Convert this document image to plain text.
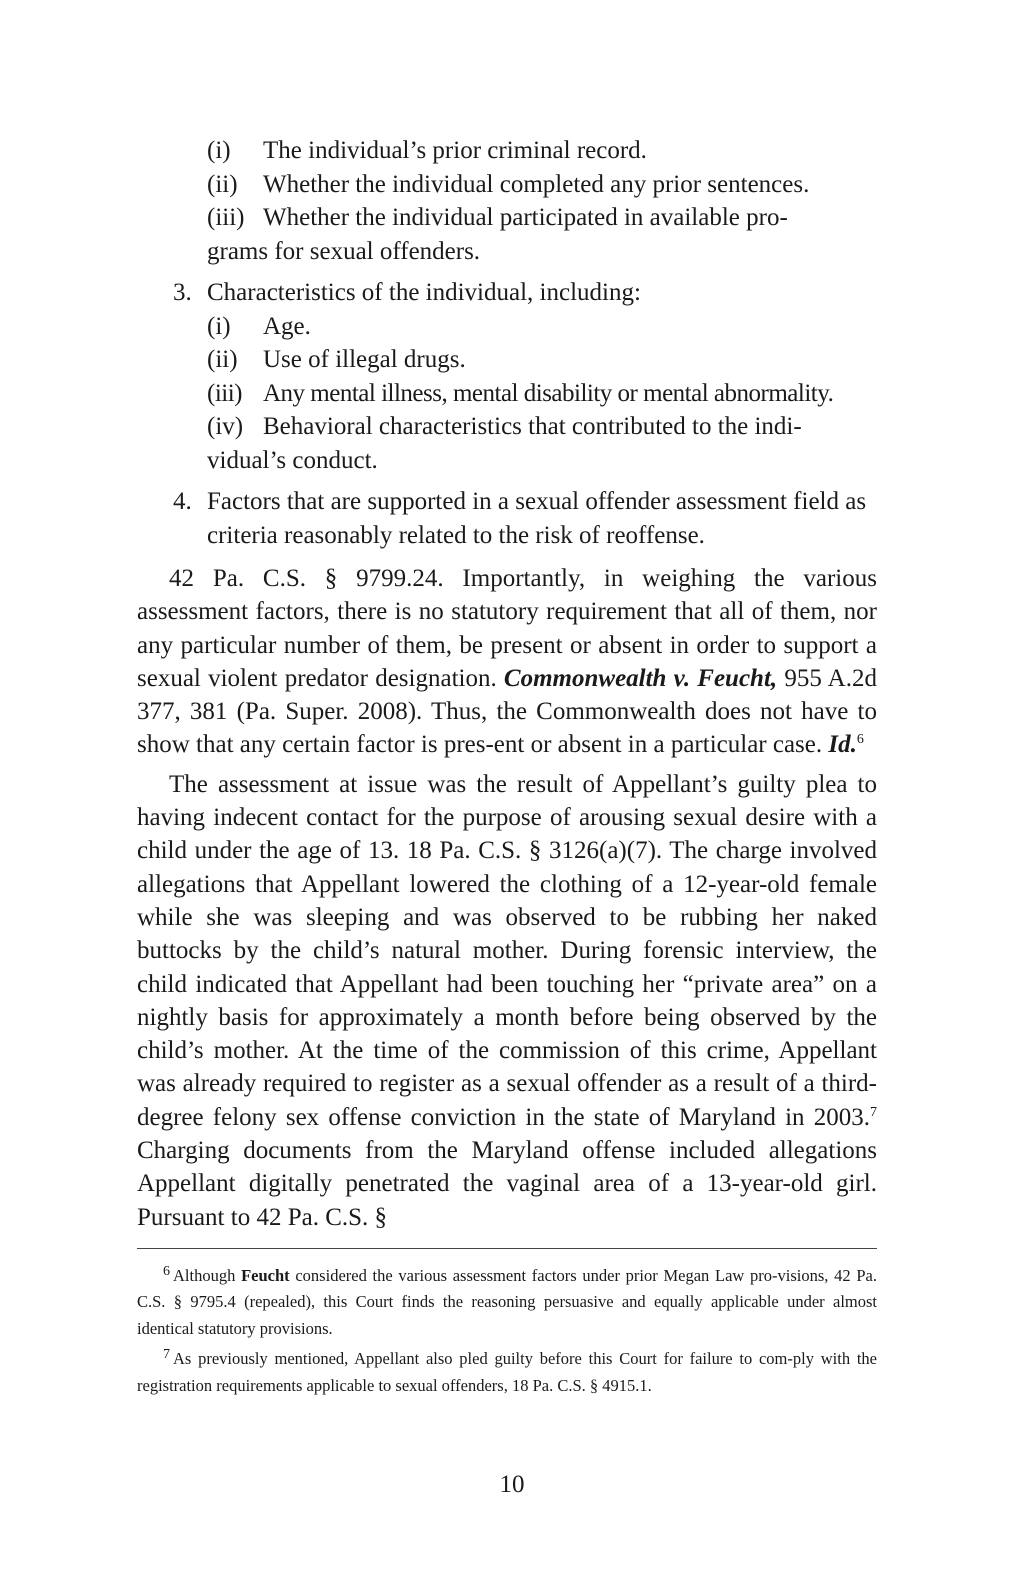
(i) The individual’s prior criminal record.
(ii) Whether the individual completed any prior sentences.
(iii) Whether the individual participated in available pro-
grams for sexual offenders.
3. Characteristics of the individual, including:
(i) Age.
(ii) Use of illegal drugs.
(iii) Any mental illness, mental disability or mental abnormality.
(iv) Behavioral characteristics that contributed to the indi-
vidual’s conduct.
4. Factors that are supported in a sexual offender assessment field as criteria reasonably related to the risk of reoffense.

42 Pa. C.S. § 9799.24. Importantly, in weighing the various assessment factors, there is no statutory requirement that all of them, nor any particular number of them, be present or absent in order to support a sexual violent predator designation. Commonwealth v. Feucht, 955 A.2d 377, 381 (Pa. Super. 2008). Thus, the Commonwealth does not have to show that any certain factor is pres-ent or absent in a particular case. Id.$^6$

The assessment at issue was the result of Appellant’s guilty plea to having indecent contact for the purpose of arousing sexual desire with a child under the age of 13. 18 Pa. C.S. § 3126(a)(7). The charge involved allegations that Appellant lowered the clothing of a 12-year-old female while she was sleeping and was observed to be rubbing her naked buttocks by the child’s natural mother. During forensic interview, the child indicated that Appellant had been touching her “private area” on a nightly basis for approximately a month before being observed by the child’s mother. At the time of the commission of this crime, Appellant was already required to register as a sexual offender as a result of a third-degree felony sex offense conviction in the state of Maryland in 2003.$^7$ Charging documents from the Maryland offense included allegations Appellant digitally penetrated the vaginal area of a 13-year-old girl. Pursuant to 42 Pa. C.S. §

$^6$ Although Feucht considered the various assessment factors under prior Megan Law pro-visions, 42 Pa. C.S. § 9795.4 (repealed), this Court finds the reasoning persuasive and equally applicable under almost identical statutory provisions.

$^7$ As previously mentioned, Appellant also pled guilty before this Court for failure to com-ply with the registration requirements applicable to sexual offenders, 18 Pa. C.S. § 4915.1.

10
